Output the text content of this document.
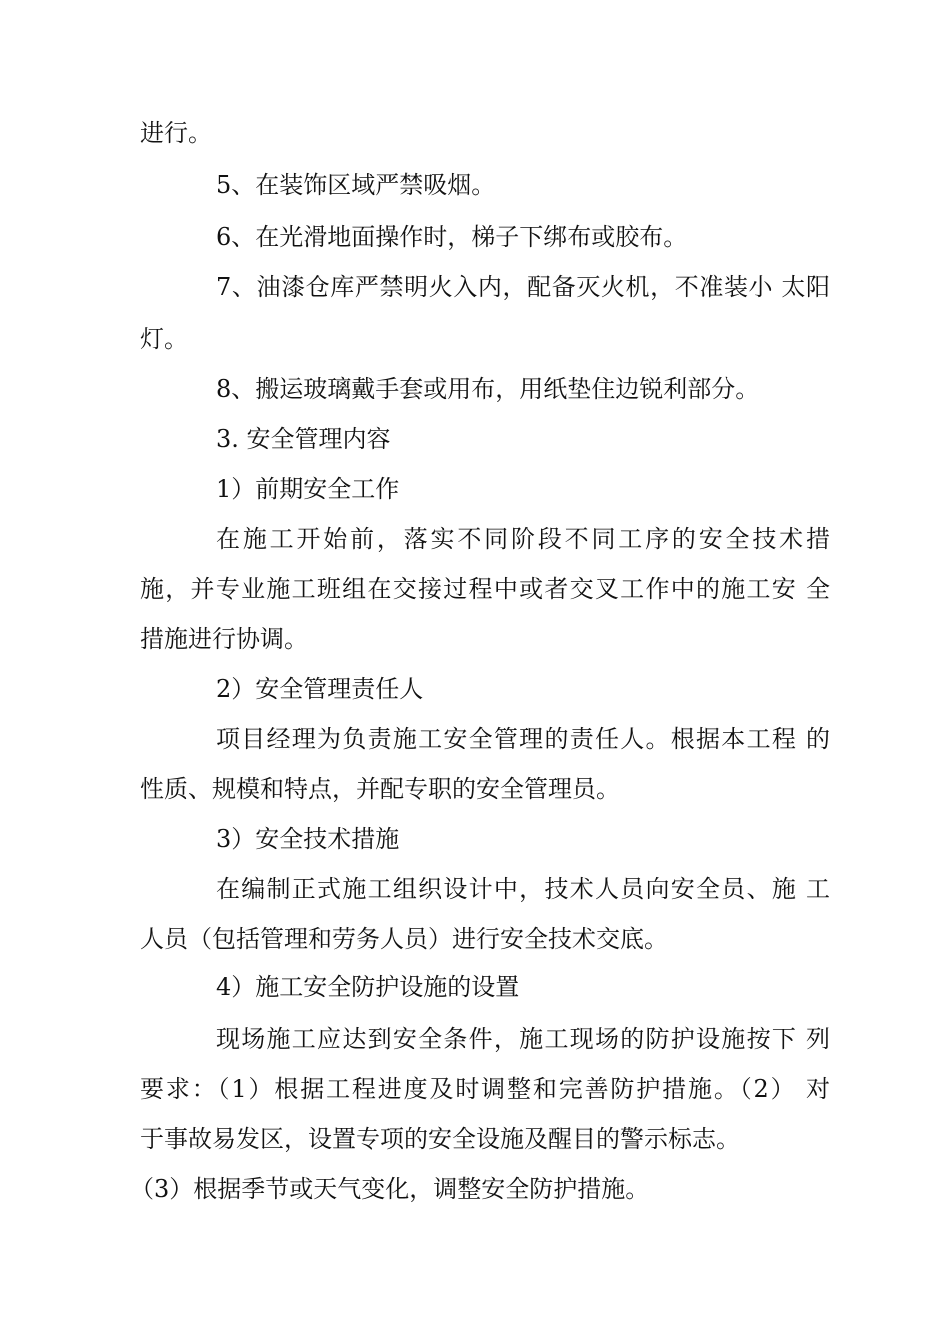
进行。
5、在装饰区域严禁吸烟。
6、在光滑地面操作时，梯子下绑布或胶布。
7、油漆仓库严禁明火入内，配备灭火机，不准装小 太阳
灯。
8、搬运玻璃戴手套或用布，用纸垫住边锐利部分。
3. 安全管理内容
1）前期安全工作
在施工开始前，落实不同阶段不同工序的安全技术措
施，并专业施工班组在交接过程中或者交叉工作中的施工安 全
措施进行协调。
2）安全管理责任人
项目经理为负责施工安全管理的责任人。根据本工程 的
性质、规模和特点，并配专职的安全管理员。
3）安全技术措施
在编制正式施工组织设计中，技术人员向安全员、施 工
人员（包括管理和劳务人员）进行安全技术交底。
4）施工安全防护设施的设置
现场施工应达到安全条件，施工现场的防护设施按下 列
要求：（1）根据工程进度及时调整和完善防护措施。（2） 对
于事故易发区，设置专项的安全设施及醒目的警示标志。
（3）根据季节或天气变化，调整安全防护措施。
